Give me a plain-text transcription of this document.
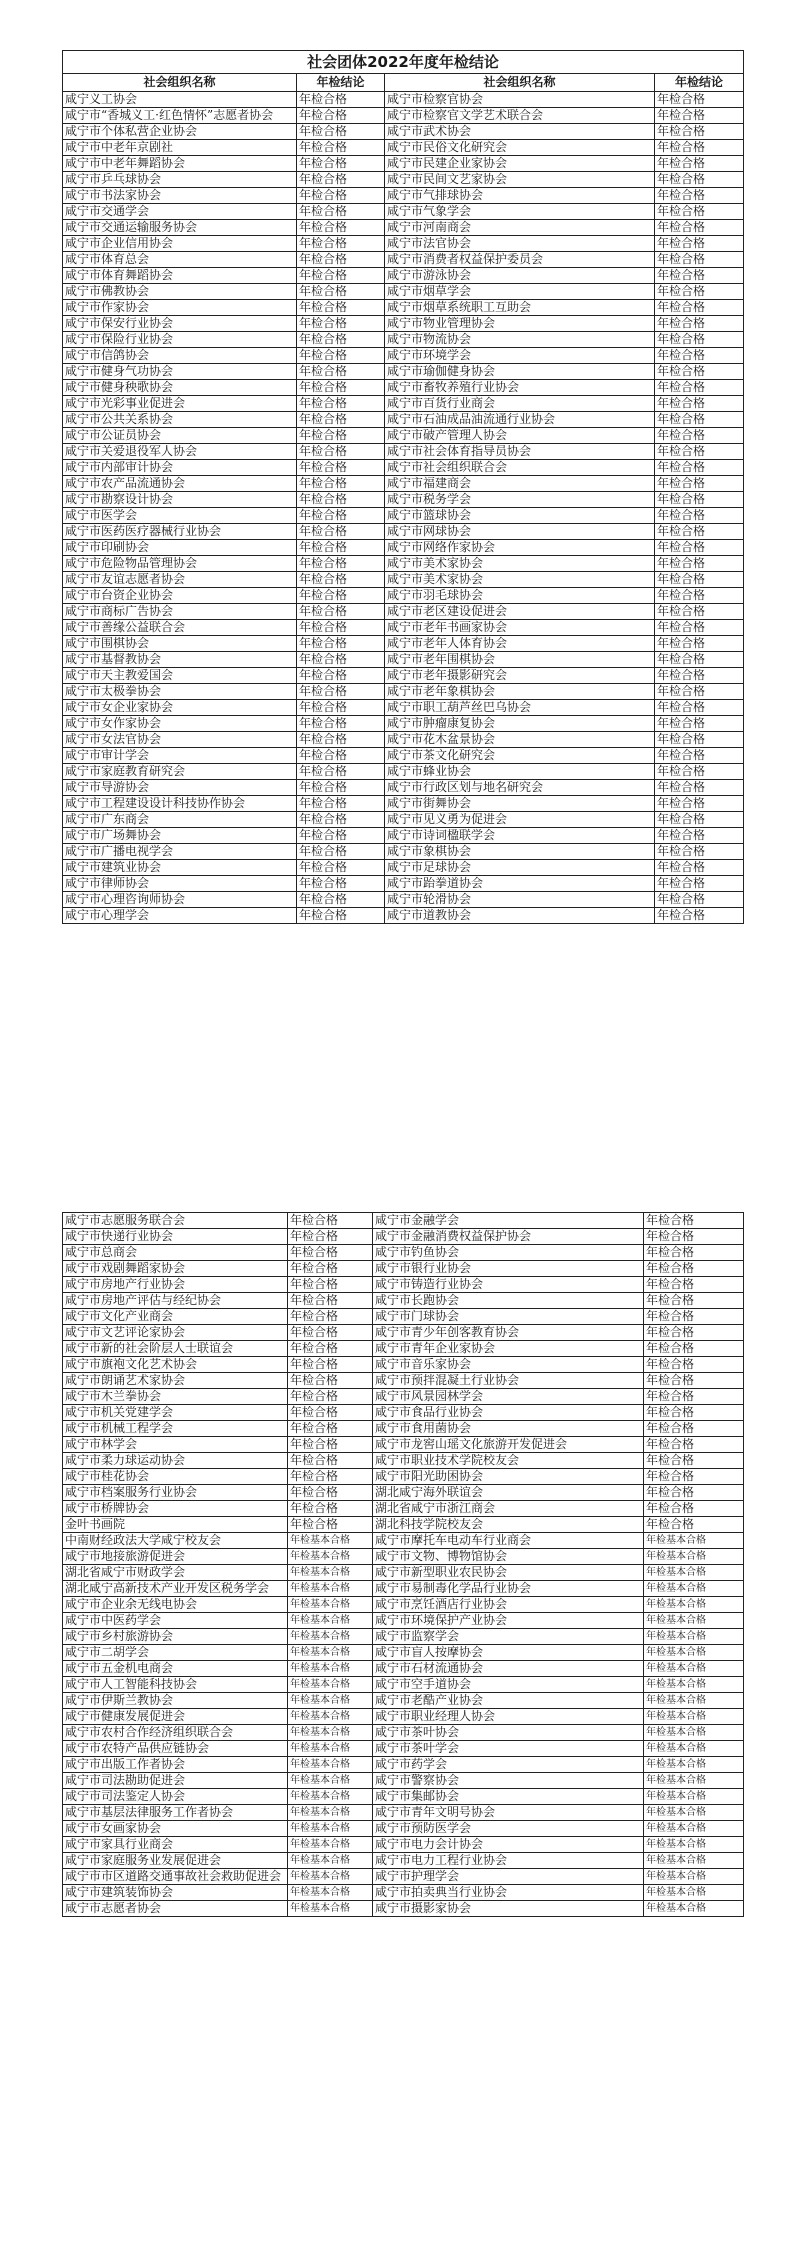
社会团体2022年度年检结论			
社会组织名称	年检结论	社会组织名称	年检结论
咸宁义工协会	年检合格	咸宁市检察官协会	年检合格
咸宁市“香城义工·红色情怀”志愿者协会	年检合格	咸宁市检察官文学艺术联合会	年检合格
咸宁市个体私营企业协会	年检合格	咸宁市武术协会	年检合格
咸宁市中老年京剧社	年检合格	咸宁市民俗文化研究会	年检合格
咸宁市中老年舞蹈协会	年检合格	咸宁市民建企业家协会	年检合格
咸宁市乒乓球协会	年检合格	咸宁市民间文艺家协会	年检合格
咸宁市书法家协会	年检合格	咸宁市气排球协会	年检合格
咸宁市交通学会	年检合格	咸宁市气象学会	年检合格
咸宁市交通运输服务协会	年检合格	咸宁市河南商会	年检合格
咸宁市企业信用协会	年检合格	咸宁市法官协会	年检合格
咸宁市体育总会	年检合格	咸宁市消费者权益保护委员会	年检合格
咸宁市体育舞蹈协会	年检合格	咸宁市游泳协会	年检合格
咸宁市佛教协会	年检合格	咸宁市烟草学会	年检合格
咸宁市作家协会	年检合格	咸宁市烟草系统职工互助会	年检合格
咸宁市保安行业协会	年检合格	咸宁市物业管理协会	年检合格
咸宁市保险行业协会	年检合格	咸宁市物流协会	年检合格
咸宁市信鸽协会	年检合格	咸宁市环境学会	年检合格
咸宁市健身气功协会	年检合格	咸宁市瑜伽健身协会	年检合格
咸宁市健身秧歌协会	年检合格	咸宁市畜牧养殖行业协会	年检合格
咸宁市光彩事业促进会	年检合格	咸宁市百货行业商会	年检合格
咸宁市公共关系协会	年检合格	咸宁市石油成品油流通行业协会	年检合格
咸宁市公证员协会	年检合格	咸宁市破产管理人协会	年检合格
咸宁市关爱退役军人协会	年检合格	咸宁市社会体育指导员协会	年检合格
咸宁市内部审计协会	年检合格	咸宁市社会组织联合会	年检合格
咸宁市农产品流通协会	年检合格	咸宁市福建商会	年检合格
咸宁市勘察设计协会	年检合格	咸宁市税务学会	年检合格
咸宁市医学会	年检合格	咸宁市篮球协会	年检合格
咸宁市医药医疗器械行业协会	年检合格	咸宁市网球协会	年检合格
咸宁市印刷协会	年检合格	咸宁市网络作家协会	年检合格
咸宁市危险物品管理协会	年检合格	咸宁市美术家协会	年检合格
咸宁市友谊志愿者协会	年检合格	咸宁市美术家协会	年检合格
咸宁市台资企业协会	年检合格	咸宁市羽毛球协会	年检合格
咸宁市商标广告协会	年检合格	咸宁市老区建设促进会	年检合格
咸宁市善缘公益联合会	年检合格	咸宁市老年书画家协会	年检合格
咸宁市围棋协会	年检合格	咸宁市老年人体育协会	年检合格
咸宁市基督教协会	年检合格	咸宁市老年围棋协会	年检合格
咸宁市天主教爱国会	年检合格	咸宁市老年摄影研究会	年检合格
咸宁市太极拳协会	年检合格	咸宁市老年象棋协会	年检合格
咸宁市女企业家协会	年检合格	咸宁市职工葫芦丝巴乌协会	年检合格
咸宁市女作家协会	年检合格	咸宁市肿瘤康复协会	年检合格
咸宁市女法官协会	年检合格	咸宁市花木盆景协会	年检合格
咸宁市审计学会	年检合格	咸宁市茶文化研究会	年检合格
咸宁市家庭教育研究会	年检合格	咸宁市蜂业协会	年检合格
咸宁市导游协会	年检合格	咸宁市行政区划与地名研究会	年检合格
咸宁市工程建设设计科技协作协会	年检合格	咸宁市街舞协会	年检合格
咸宁市广东商会	年检合格	咸宁市见义勇为促进会	年检合格
咸宁市广场舞协会	年检合格	咸宁市诗词楹联学会	年检合格
咸宁市广播电视学会	年检合格	咸宁市象棋协会	年检合格
咸宁市建筑业协会	年检合格	咸宁市足球协会	年检合格
咸宁市律师协会	年检合格	咸宁市跆拳道协会	年检合格
咸宁市心理咨询师协会	年检合格	咸宁市轮滑协会	年检合格
咸宁市心理学会	年检合格	咸宁市道教协会	年检合格
咸宁市志愿服务联合会	年检合格	咸宁市金融学会	年检合格
咸宁市快递行业协会	年检合格	咸宁市金融消费权益保护协会	年检合格
咸宁市总商会	年检合格	咸宁市钓鱼协会	年检合格
咸宁市戏剧舞蹈家协会	年检合格	咸宁市银行业协会	年检合格
咸宁市房地产行业协会	年检合格	咸宁市铸造行业协会	年检合格
咸宁市房地产评估与经纪协会	年检合格	咸宁市长跑协会	年检合格
咸宁市文化产业商会	年检合格	咸宁市门球协会	年检合格
咸宁市文艺评论家协会	年检合格	咸宁市青少年创客教育协会	年检合格
咸宁市新的社会阶层人士联谊会	年检合格	咸宁市青年企业家协会	年检合格
咸宁市旗袍文化艺术协会	年检合格	咸宁市音乐家协会	年检合格
咸宁市朗诵艺术家协会	年检合格	咸宁市预拌混凝土行业协会	年检合格
咸宁市木兰拳协会	年检合格	咸宁市风景园林学会	年检合格
咸宁市机关党建学会	年检合格	咸宁市食品行业协会	年检合格
咸宁市机械工程学会	年检合格	咸宁市食用菌协会	年检合格
咸宁市林学会	年检合格	咸宁市龙窖山瑶文化旅游开发促进会	年检合格
咸宁市柔力球运动协会	年检合格	咸宁市职业技术学院校友会	年检合格
咸宁市桂花协会	年检合格	咸宁市阳光助困协会	年检合格
咸宁市档案服务行业协会	年检合格	湖北咸宁海外联谊会	年检合格
咸宁市桥牌协会	年检合格	湖北省咸宁市浙江商会	年检合格
金叶书画院	年检合格	湖北科技学院校友会	年检合格
中南财经政法大学咸宁校友会	年检基本合格	咸宁市摩托车电动车行业商会	年检基本合格
咸宁市地接旅游促进会	年检基本合格	咸宁市文物、博物馆协会	年检基本合格
湖北省咸宁市财政学会	年检基本合格	咸宁市新型职业农民协会	年检基本合格
湖北咸宁高新技术产业开发区税务学会	年检基本合格	咸宁市易制毒化学品行业协会	年检基本合格
咸宁市企业余无线电协会	年检基本合格	咸宁市烹饪酒店行业协会	年检基本合格
咸宁市中医药学会	年检基本合格	咸宁市环境保护产业协会	年检基本合格
咸宁市乡村旅游协会	年检基本合格	咸宁市监察学会	年检基本合格
咸宁市二胡学会	年检基本合格	咸宁市盲人按摩协会	年检基本合格
咸宁市五金机电商会	年检基本合格	咸宁市石材流通协会	年检基本合格
咸宁市人工智能科技协会	年检基本合格	咸宁市空手道协会	年检基本合格
咸宁市伊斯兰教协会	年检基本合格	咸宁市老酷产业协会	年检基本合格
咸宁市健康发展促进会	年检基本合格	咸宁市职业经理人协会	年检基本合格
咸宁市农村合作经济组织联合会	年检基本合格	咸宁市茶叶协会	年检基本合格
咸宁市农特产品供应链协会	年检基本合格	咸宁市茶叶学会	年检基本合格
咸宁市出版工作者协会	年检基本合格	咸宁市药学会	年检基本合格
咸宁市司法勘助促进会	年检基本合格	咸宁市警察协会	年检基本合格
咸宁市司法鉴定人协会	年检基本合格	咸宁市集邮协会	年检基本合格
咸宁市基层法律服务工作者协会	年检基本合格	咸宁市青年文明号协会	年检基本合格
咸宁市女画家协会	年检基本合格	咸宁市预防医学会	年检基本合格
咸宁市家具行业商会	年检基本合格	咸宁市电力会计协会	年检基本合格
咸宁市家庭服务业发展促进会	年检基本合格	咸宁市电力工程行业协会	年检基本合格
咸宁市市区道路交通事故社会救助促进会	年检基本合格	咸宁市护理学会	年检基本合格
咸宁市建筑装饰协会	年检基本合格	咸宁市拍卖典当行业协会	年检基本合格
咸宁市志愿者协会	年检基本合格	咸宁市摄影家协会	年检基本合格
